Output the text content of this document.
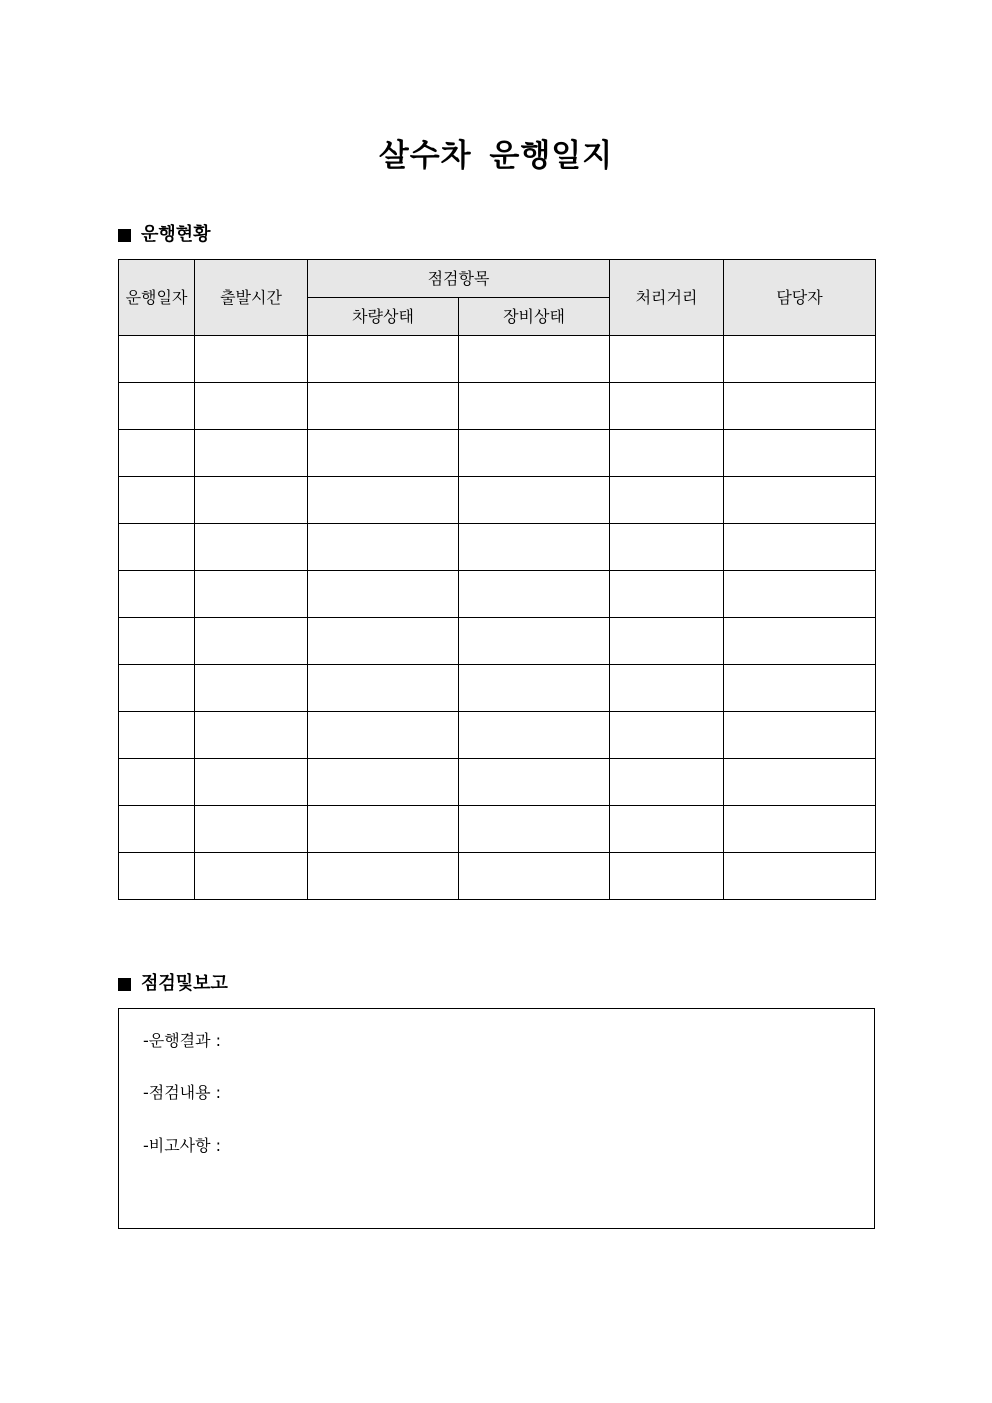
살수차 운행일지
운행현황
운행일자	출발시간	점검항목		처리거리	담당자
		차량상태	장비상태		

점검및보고
-운행결과 :
-점검내용 :
-비고사항 :
